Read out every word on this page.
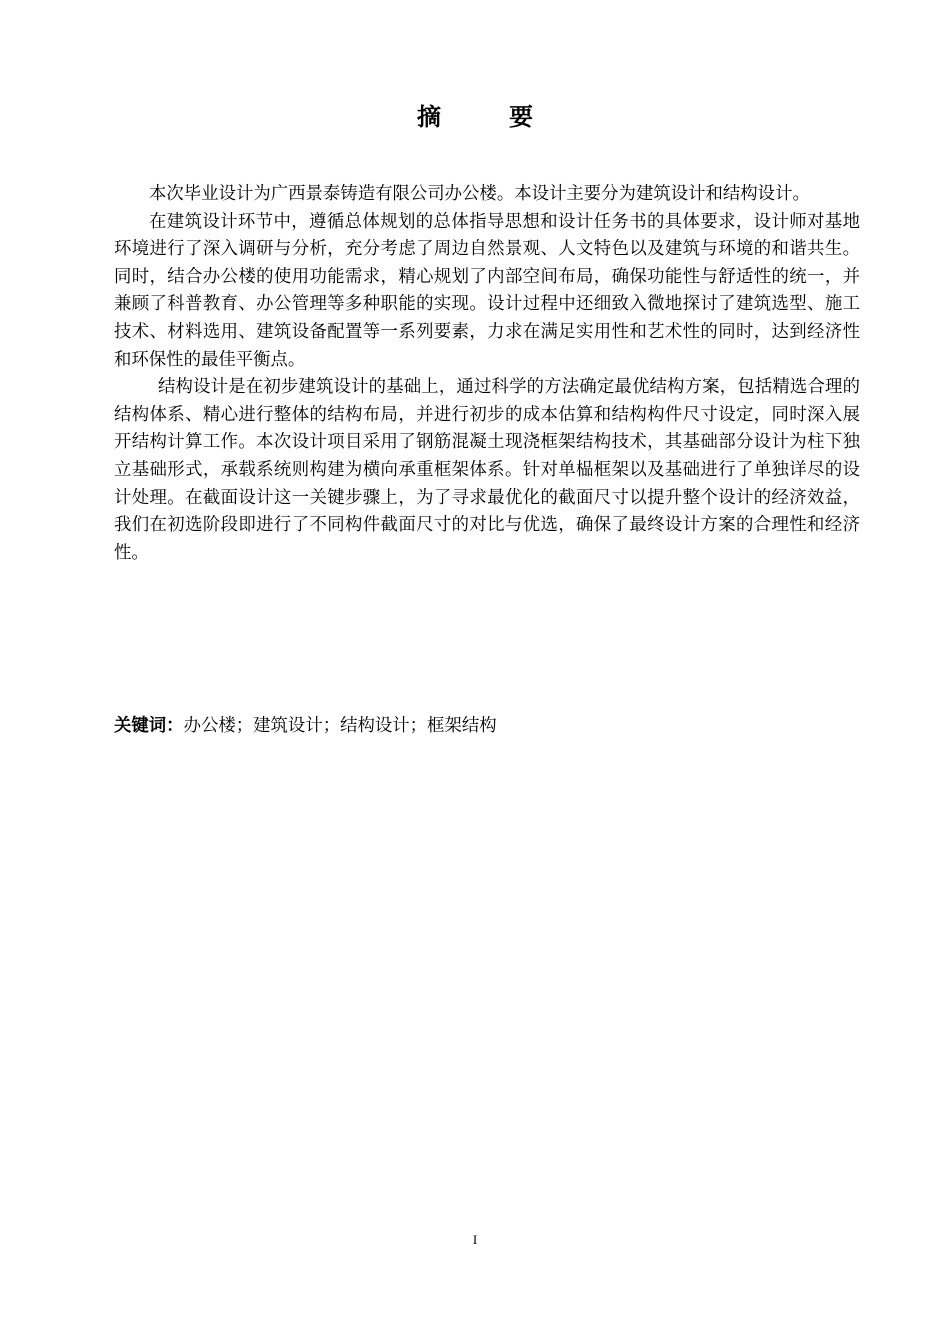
摘　要

本次毕业设计为广西景泰铸造有限公司办公楼。本设计主要分为建筑设计和结构设计。

在建筑设计环节中，遵循总体规划的总体指导思想和设计任务书的具体要求，设计师对基地环境进行了深入调研与分析，充分考虑了周边自然景观、人文特色以及建筑与环境的和谐共生。同时，结合办公楼的使用功能需求，精心规划了内部空间布局，确保功能性与舒适性的统一，并兼顾了科普教育、办公管理等多种职能的实现。设计过程中还细致入微地探讨了建筑选型、施工技术、材料选用、建筑设备配置等一系列要素，力求在满足实用性和艺术性的同时，达到经济性和环保性的最佳平衡点。

结构设计是在初步建筑设计的基础上，通过科学的方法确定最优结构方案，包括精选合理的结构体系、精心进行整体的结构布局，并进行初步的成本估算和结构构件尺寸设定，同时深入展开结构计算工作。本次设计项目采用了钢筋混凝土现浇框架结构技术，其基础部分设计为柱下独立基础形式，承载系统则构建为横向承重框架体系。针对单榀框架以及基础进行了单独详尽的设计处理。在截面设计这一关键步骤上，为了寻求最优化的截面尺寸以提升整个设计的经济效益，我们在初选阶段即进行了不同构件截面尺寸的对比与优选，确保了最终设计方案的合理性和经济性。

关键词：办公楼；建筑设计；结构设计；框架结构
I
